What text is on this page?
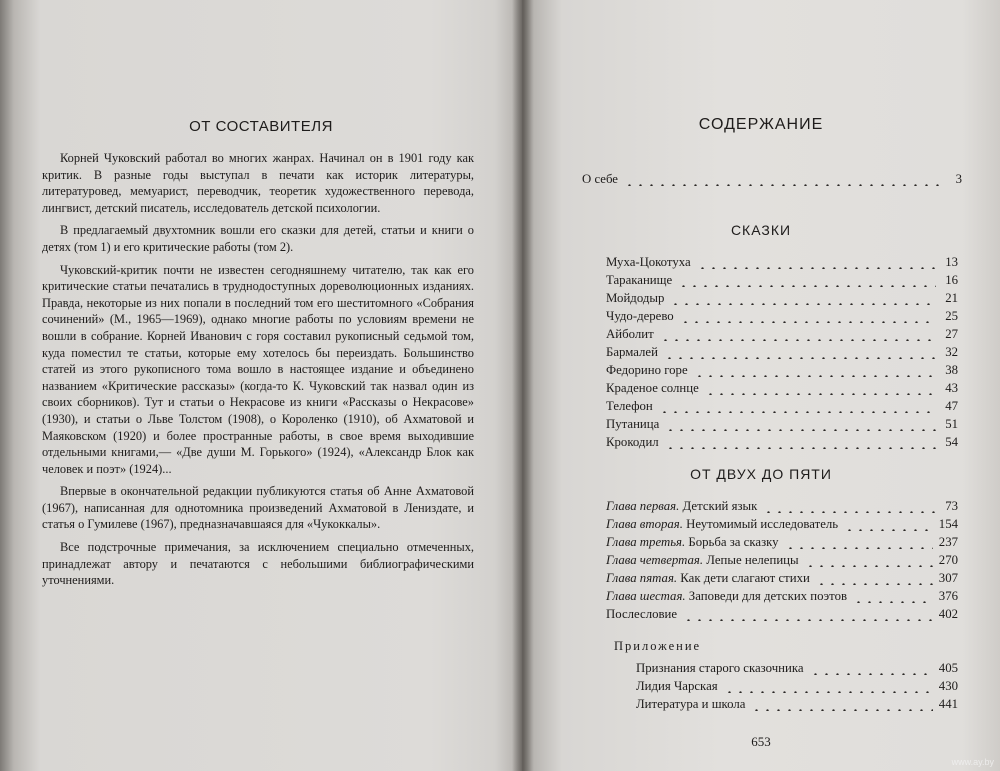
ОТ СОСТАВИТЕЛЯ

Корней Чуковский работал во многих жанрах. Начинал он в 1901 году как критик. В разные годы выступал в печати как историк литературы, литературовед, мемуарист, переводчик, теоретик художественного перевода, лингвист, детский писатель, исследователь детской психологии.

В предлагаемый двухтомник вошли его сказки для детей, статьи и книги о детях (том 1) и его критические работы (том 2).

Чуковский-критик почти не известен сегодняшнему читателю, так как его критические статьи печатались в труднодоступных дореволюционных изданиях. Правда, некоторые из них попали в последний том его шеститомного «Собрания сочинений» (М., 1965—1969), однако многие работы по условиям времени не вошли в собрание. Корней Иванович с горя составил рукописный седьмой том, куда поместил те статьи, которые ему хотелось бы переиздать. Большинство статей из этого рукописного тома вошло в настоящее издание и объединено названием «Критические рассказы» (когда-то К. Чуковский так назвал один из своих сборников). Тут и статьи о Некрасове из книги «Рассказы о Некрасове» (1930), и статьи о Льве Толстом (1908), о Короленко (1910), об Ахматовой и Маяковском (1920) и более пространные работы, в свое время выходившие отдельными книгами,— «Две души М. Горького» (1924), «Александр Блок как человек и поэт» (1924)...

Впервые в окончательной редакции публикуются статья об Анне Ахматовой (1967), написанная для однотомника произведений Ахматовой в Лениздате, и статья о Гумилеве (1967), предназначавшаяся для «Чукоккалы».

Все подстрочные примечания, за исключением специально отмеченных, принадлежат автору и печатаются с небольшими библиографическими уточнениями.

СОДЕРЖАНИЕ
О себе	3
СКАЗКИ
Муха-Цокотуха	13
Тараканище	16
Мойдодыр	21
Чудо-дерево	25
Айболит	27
Бармалей	32
Федорино горе	38
Краденое солнце	43
Телефон	47
Путаница	51
Крокодил	54
ОТ ДВУХ ДО ПЯТИ
Глава первая. Детский язык	73
Глава вторая. Неутомимый исследователь	154
Глава третья. Борьба за сказку	237
Глава четвертая. Лепые нелепицы	270
Глава пятая. Как дети слагают стихи	307
Глава шестая. Заповеди для детских поэтов	376
Послесловие	402
Приложение
Признания старого сказочника	405
Лидия Чарская	430
Литература и школа	441
653
www.ay.by
